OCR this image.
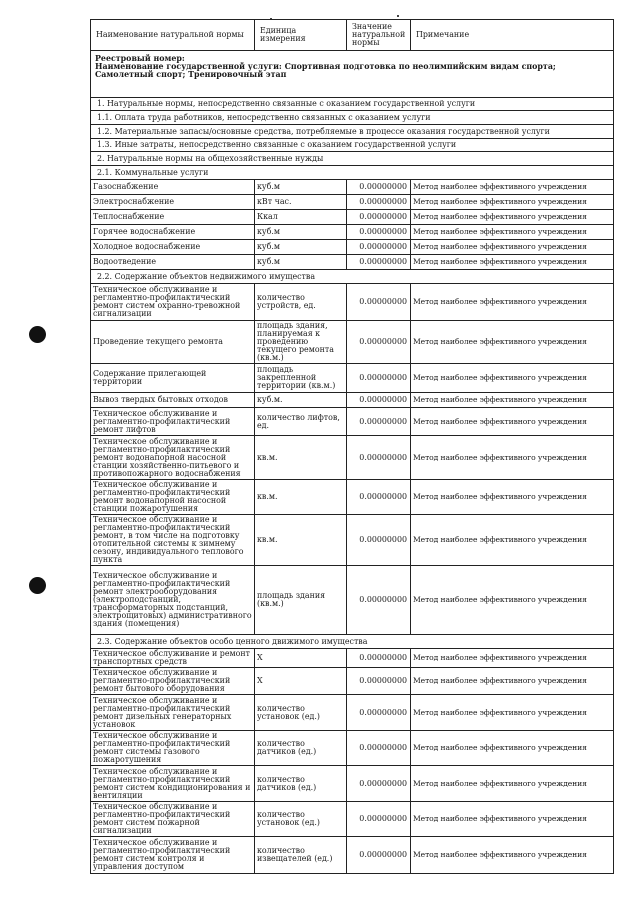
Наименование натуральной нормы	Единица измерения	Значение натуральной нормы	Примечание

Реестровый номер:
Наименование государственной услуги: Спортивная подготовка по неолимпийским видам спорта; Самолетный спорт; Тренировочный этап			

1. Натуральные нормы, непосредственно связанные с оказанием государственной услуги			
1.1. Оплата труда работников, непосредственно связанных с оказанием услуги			
1.2. Материальные запасы/основные средства, потребляемые в процессе оказания государственной услуги			
1.3. Иные затраты, непосредственно связанные с оказанием государственной услуги			
2. Натуральные нормы на общехозяйственные нужды			
2.1. Коммунальные услуги			
Газоснабжение	куб.м	0.00000000	Метод наиболее эффективного учреждения
Электроснабжение	кВт час.	0.00000000	Метод наиболее эффективного учреждения
Теплоснабжение	Ккал	0.00000000	Метод наиболее эффективного учреждения
Горячее водоснабжение	куб.м	0.00000000	Метод наиболее эффективного учреждения
Холодное водоснабжение	куб.м	0.00000000	Метод наиболее эффективного учреждения
Водоотведение	куб.м	0.00000000	Метод наиболее эффективного учреждения
2.2. Содержание объектов недвижимого имущества			
Техническое обслуживание и регламентно-профилактический ремонт систем охранно-тревожной сигнализации	количество устройств, ед.	0.00000000	Метод наиболее эффективного учреждения
Проведение текущего ремонта	площадь здания, планируемая к проведению текущего ремонта (кв.м.)	0.00000000	Метод наиболее эффективного учреждения
Содержание прилегающей территории	площадь закрепленной территории (кв.м.)	0.00000000	Метод наиболее эффективного учреждения
Вывоз твердых бытовых отходов	куб.м.	0.00000000	Метод наиболее эффективного учреждения
Техническое обслуживание и регламентно-профилактический ремонт лифтов	количество лифтов, ед.	0.00000000	Метод наиболее эффективного учреждения
Техническое обслуживание и регламентно-профилактический ремонт водонапорной насосной станции хозяйственно-питьевого и противопожарного водоснабжения	кв.м.	0.00000000	Метод наиболее эффективного учреждения
Техническое обслуживание и регламентно-профилактический ремонт водонапорной насосной станции пожаротушения	кв.м.	0.00000000	Метод наиболее эффективного учреждения
Техническое обслуживание и регламентно-профилактический ремонт, в том числе на подготовку отопительной системы к зимнему сезону, индивидуального теплового пункта	кв.м.	0.00000000	Метод наиболее эффективного учреждения
Техническое обслуживание и регламентно-профилактический ремонт электрооборудования (электроподстанций, трансформаторных подстанций, электрощитовых) административного здания (помещения)	площадь здания (кв.м.)	0.00000000	Метод наиболее эффективного учреждения
2.3. Содержание объектов особо ценного движимого имущества			
Техническое обслуживание и ремонт транспортных средств	Х	0.00000000	Метод наиболее эффективного учреждения
Техническое обслуживание и регламентно-профилактический ремонт бытового оборудования	Х	0.00000000	Метод наиболее эффективного учреждения
Техническое обслуживание и регламентно-профилактический ремонт дизельных генераторных установок	количество установок (ед.)	0.00000000	Метод наиболее эффективного учреждения
Техническое обслуживание и регламентно-профилактический ремонт системы газового пожаротушения	количество датчиков (ед.)	0.00000000	Метод наиболее эффективного учреждения
Техническое обслуживание и регламентно-профилактический ремонт систем кондиционирования и вентиляции	количество датчиков (ед.)	0.00000000	Метод наиболее эффективного учреждения
Техническое обслуживание и регламентно-профилактический ремонт систем пожарной сигнализации	количество установок (ед.)	0.00000000	Метод наиболее эффективного учреждения
Техническое обслуживание и регламентно-профилактический ремонт систем контроля и управления доступом	количество извещателей (ед.)	0.00000000	Метод наиболее эффективного учреждения
